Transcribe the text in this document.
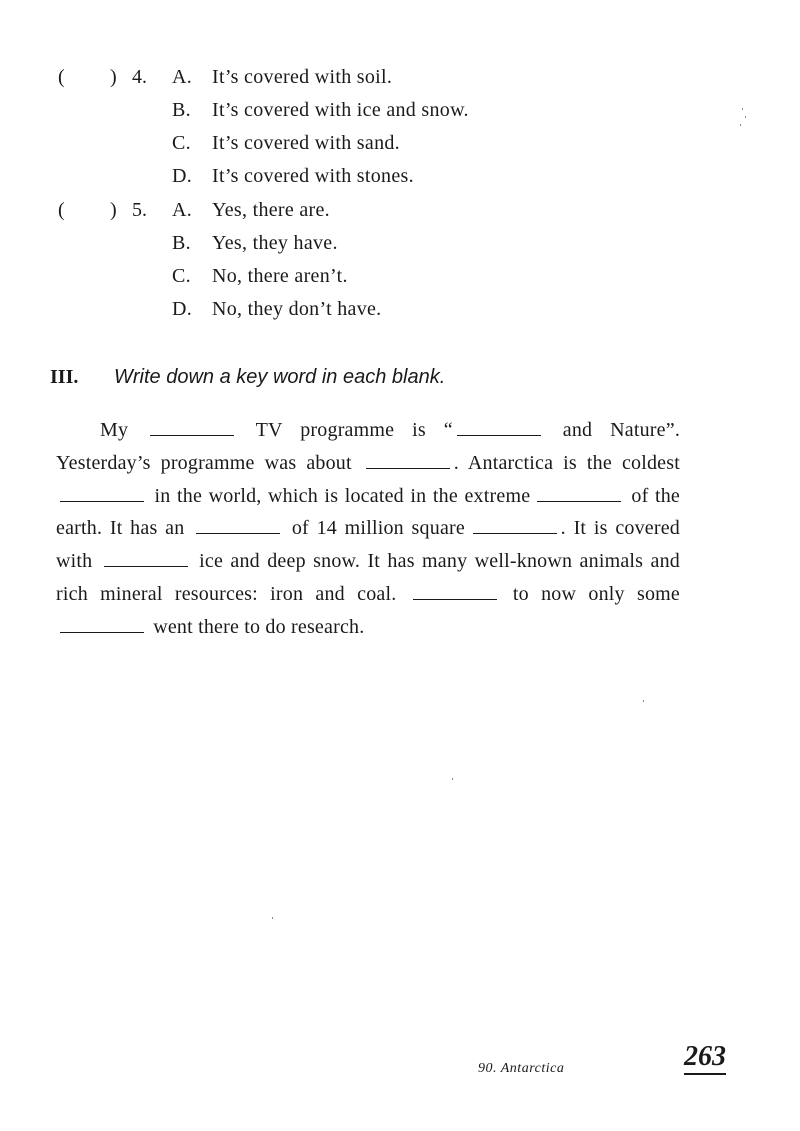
( ) 4. A. It’s covered with soil.
B. It’s covered with ice and snow.
C. It’s covered with sand.
D. It’s covered with stones.
( ) 5. A. Yes, there are.
B. Yes, they have.
C. No, there aren’t.
D. No, they don’t have.
III. Write down a key word in each blank.
My	TV programme is “	and Nature”. Yesterday’s programme was about	. Antarctica is the coldest  in the world, which is located in the extreme	of the earth. It has an	of 14 million square	. It is covered with	ice and deep snow. It has many well-known animals and rich mineral resources: iron and coal.	to now only some  went there to do research.
90. Antarctica	263
